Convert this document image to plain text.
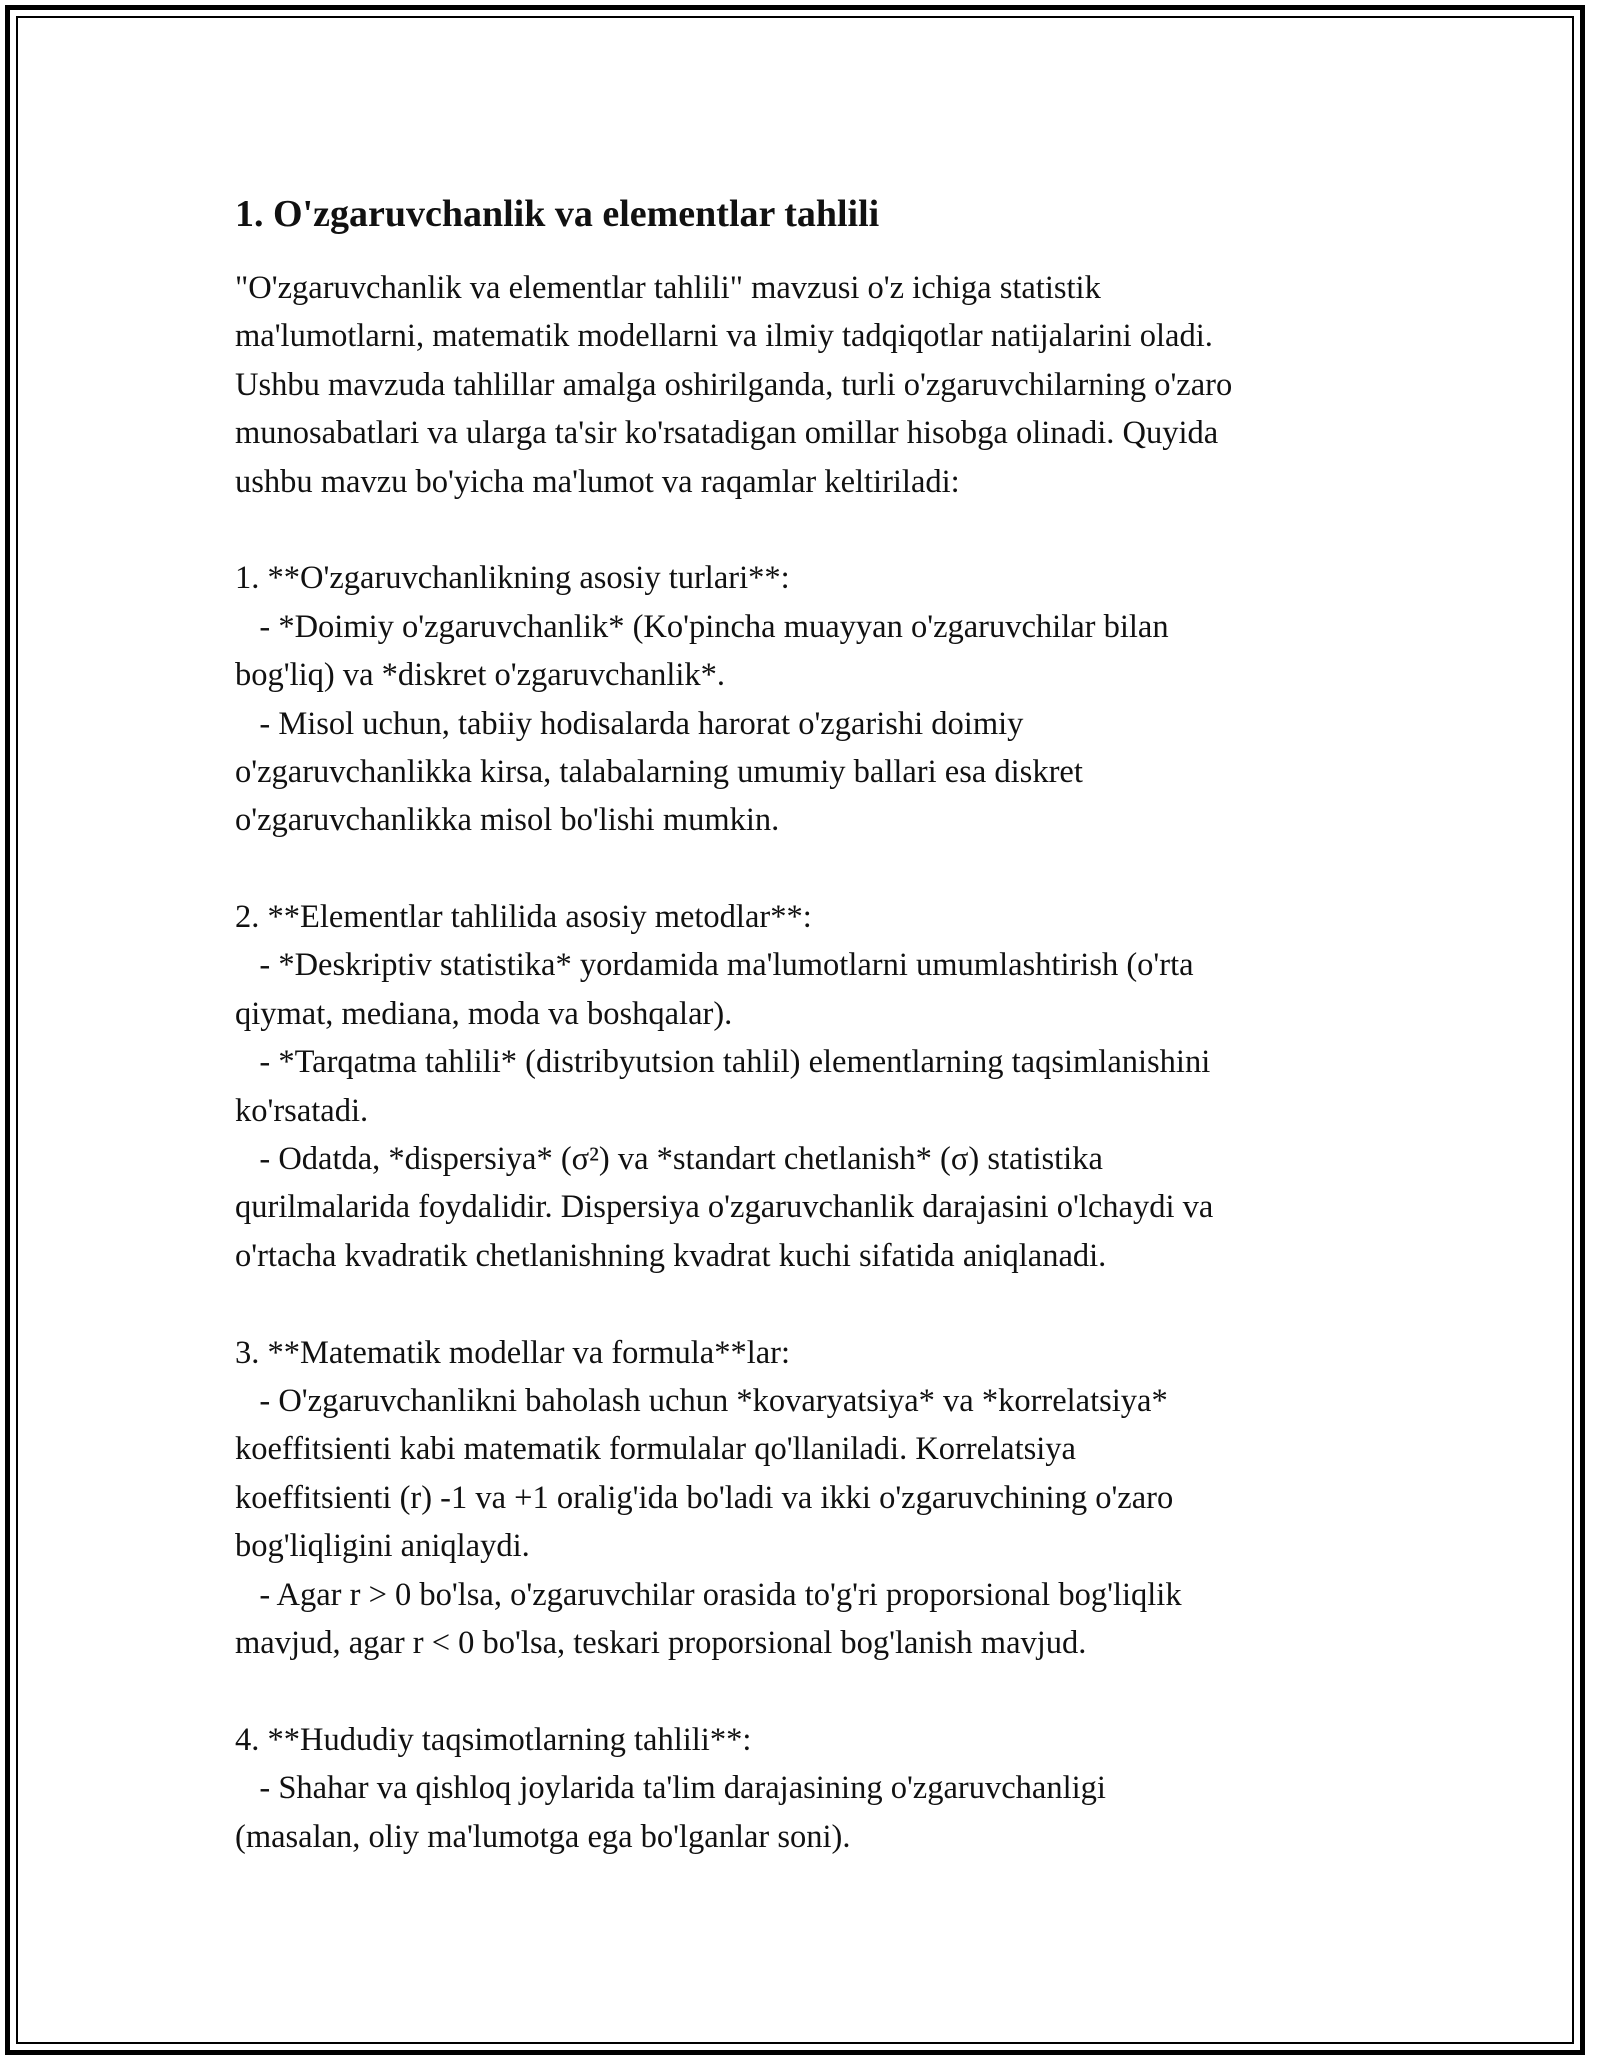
1. O'zgaruvchanlik va elementlar tahlili

"O'zgaruvchanlik va elementlar tahlili" mavzusi o'z ichiga statistik

ma'lumotlarni, matematik modellarni va ilmiy tadqiqotlar natijalarini oladi.

Ushbu mavzuda tahlillar amalga oshirilganda, turli o'zgaruvchilarning o'zaro

munosabatlari va ularga ta'sir ko'rsatadigan omillar hisobga olinadi. Quyida

ushbu mavzu bo'yicha ma'lumot va raqamlar keltiriladi:

1. **O'zgaruvchanlikning asosiy turlari**:

- *Doimiy o'zgaruvchanlik* (Ko'pincha muayyan o'zgaruvchilar bilan

bog'liq) va *diskret o'zgaruvchanlik*.

- Misol uchun, tabiiy hodisalarda harorat o'zgarishi doimiy

o'zgaruvchanlikka kirsa, talabalarning umumiy ballari esa diskret

o'zgaruvchanlikka misol bo'lishi mumkin.

2. **Elementlar tahlilida asosiy metodlar**:

- *Deskriptiv statistika* yordamida ma'lumotlarni umumlashtirish (o'rta

qiymat, mediana, moda va boshqalar).

- *Tarqatma tahlili* (distribyutsion tahlil) elementlarning taqsimlanishini

ko'rsatadi.

- Odatda, *dispersiya* (σ²) va *standart chetlanish* (σ) statistika

qurilmalarida foydalidir. Dispersiya o'zgaruvchanlik darajasini o'lchaydi va

o'rtacha kvadratik chetlanishning kvadrat kuchi sifatida aniqlanadi.

3. **Matematik modellar va formula**lar:

- O'zgaruvchanlikni baholash uchun *kovaryatsiya* va *korrelatsiya*

koeffitsienti kabi matematik formulalar qo'llaniladi. Korrelatsiya

koeffitsienti (r) -1 va +1 oralig'ida bo'ladi va ikki o'zgaruvchining o'zaro

bog'liqligini aniqlaydi.

- Agar r > 0 bo'lsa, o'zgaruvchilar orasida to'g'ri proporsional bog'liqlik

mavjud, agar r < 0 bo'lsa, teskari proporsional bog'lanish mavjud.

4. **Hududiy taqsimotlarning tahlili**:

- Shahar va qishloq joylarida ta'lim darajasining o'zgaruvchanligi

(masalan, oliy ma'lumotga ega bo'lganlar soni).
